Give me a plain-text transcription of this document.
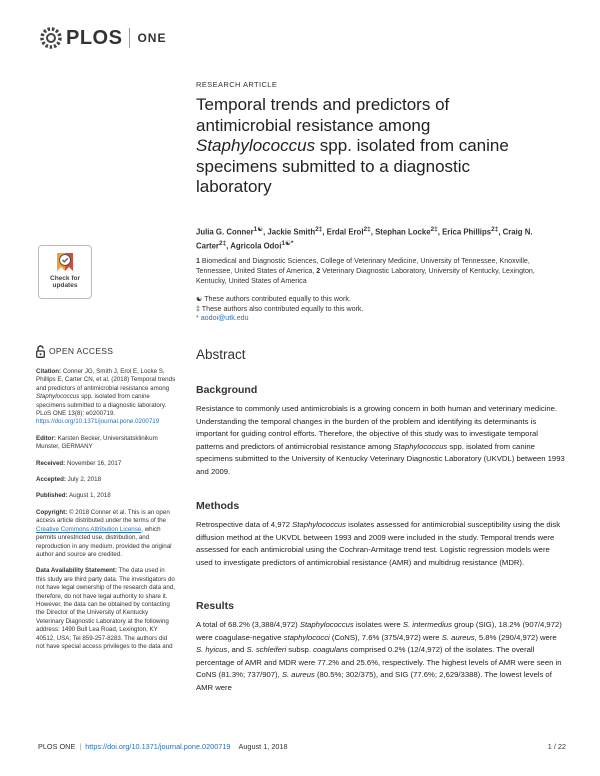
PLOS ONE
Check for
updates
OPEN ACCESS
Citation: Conner JG, Smith J, Erol E, Locke S, Phillips E, Carter CN, et al. (2018) Temporal trends and predictors of antimicrobial resistance among Staphylococcus spp. isolated from canine specimens submitted to a diagnostic laboratory. PLoS ONE 13(8): e0200719. https://doi.org/10.1371/journal.pone.0200719
Editor: Karsten Becker, Universitatsklinikum Munster, GERMANY
Received: November 16, 2017
Accepted: July 2, 2018
Published: August 1, 2018
Copyright: © 2018 Conner et al. This is an open access article distributed under the terms of the Creative Commons Attribution License, which permits unrestricted use, distribution, and reproduction in any medium, provided the original author and source are credited.
Data Availability Statement: The data used in this study are third party data. The investigators do not have legal ownership of the research data and, therefore, do not have legal authority to share it. However, the data can be obtained by contacting the Director of the University of Kentucky Veterinary Diagnostic Laboratory at the following address: 1490 Bull Lea Road, Lexington, KY 40512, USA; Tel 859-257-8283. The authors did not have special access privileges to the data and
RESEARCH ARTICLE
Temporal trends and predictors of
antimicrobial resistance among
Staphylococcus spp. isolated from canine
specimens submitted to a diagnostic
laboratory
Julia G. Conner$^{1☯}$, Jackie Smith$^{2\ddagger}$, Erdal Erol$^{2\ddagger}$, Stephan Locke$^{2\ddagger}$, Erica Phillips$^{2\ddagger}$, Craig N. Carter$^{2\ddagger}$, Agricola Odoi$^{1☯*}$
1 Biomedical and Diagnostic Sciences, College of Veterinary Medicine, University of Tennessee, Knoxville, Tennessee, United States of America, 2 Veterinary Diagnostic Laboratory, University of Kentucky, Lexington, Kentucky, United States of America
☯ These authors contributed equally to this work.
‡ These authors also contributed equally to this work.
* aodoi@utk.edu
Abstract
Background
Resistance to commonly used antimicrobials is a growing concern in both human and veterinary medicine. Understanding the temporal changes in the burden of the problem and identifying its determinants is important for guiding control efforts. Therefore, the objective of this study was to investigate temporal patterns and predictors of antimicrobial resistance among Staphylococcus spp. isolated from canine specimens submitted to the University of Kentucky Veterinary Diagnostic Laboratory (UKVDL) between 1993 and 2009.
Methods
Retrospective data of 4,972 Staphylococcus isolates assessed for antimicrobial susceptibility using the disk diffusion method at the UKVDL between 1993 and 2009 were included in the study. Temporal trends were assessed for each antimicrobial using the Cochran-Armitage trend test. Logistic regression models were used to investigate predictors of antimicrobial resistance (AMR) and multidrug resistance (MDR).
Results
A total of 68.2% (3,388/4,972) Staphylococcus isolates were S. intermedius group (SIG), 18.2% (907/4,972) were coagulase-negative staphylococci (CoNS), 7.6% (375/4,972) were S. aureus, 5.8% (290/4,972) were S. hyicus, and S. schleiferi subsp. coagulans comprised 0.2% (12/4,972) of the isolates. The overall percentage of AMR and MDR were 77.2% and 25.6%, respectively. The highest levels of AMR were seen in CoNS (81.3%; 737/907), S. aureus (80.5%; 302/375), and SIG (77.6%; 2,629/3388). The lowest levels of AMR were
PLOS ONE | https://doi.org/10.1371/journal.pone.0200719 August 1, 2018	1 / 22
